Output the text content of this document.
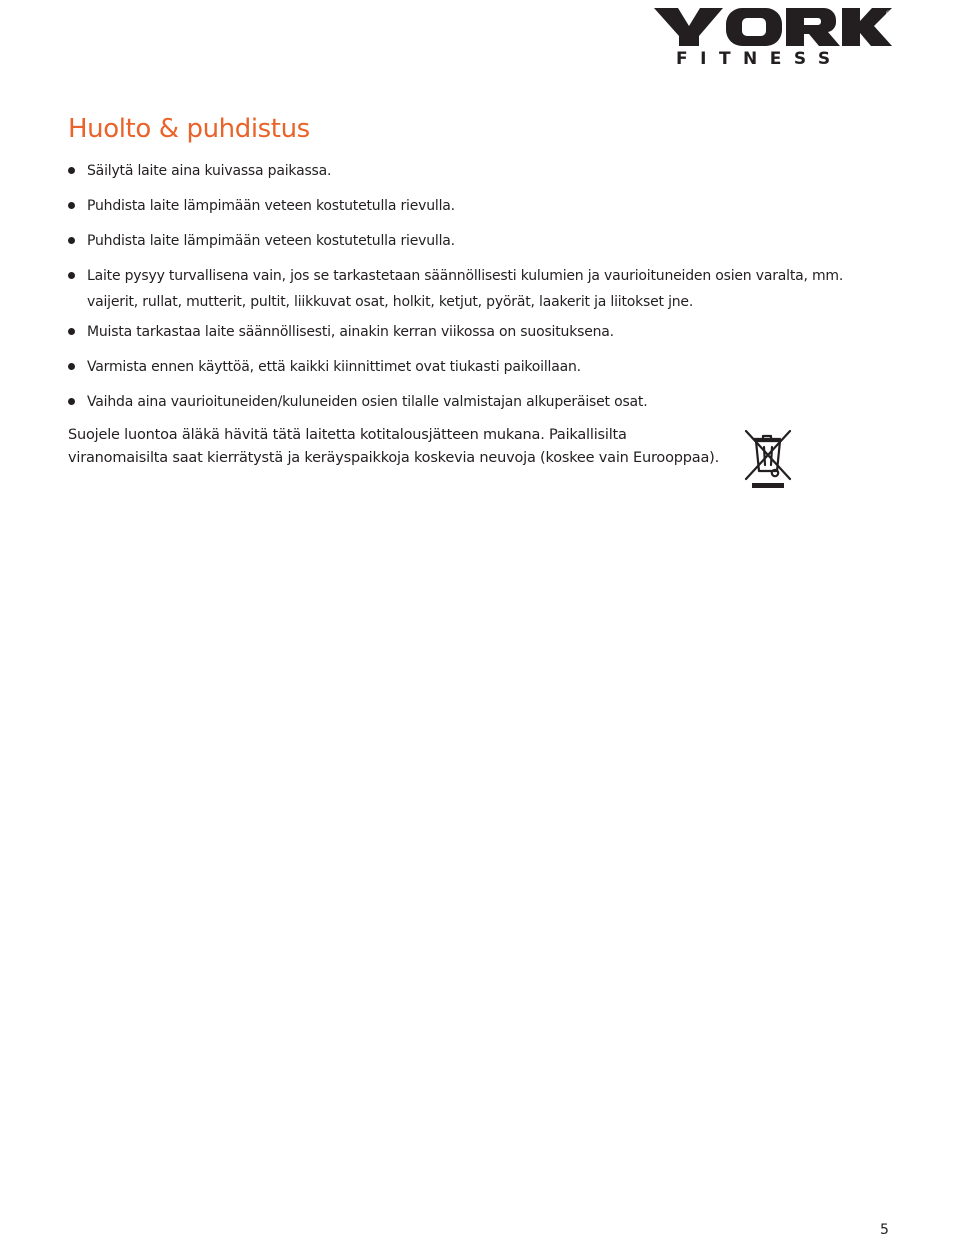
®
FITNESS
Huolto & puhdistus
Säilytä laite aina kuivassa paikassa.
Puhdista laite lämpimään veteen kostutetulla rievulla.
Puhdista laite lämpimään veteen kostutetulla rievulla.
Laite pysyy turvallisena vain, jos se tarkastetaan säännöllisesti kulumien ja vaurioituneiden osien varalta, mm. vaijerit, rullat, mutterit, pultit, liikkuvat osat, holkit, ketjut, pyörät, laakerit ja liitokset jne.
Muista tarkastaa laite säännöllisesti, ainakin kerran viikossa on suosituksena.
Varmista ennen käyttöä, että kaikki kiinnittimet ovat tiukasti paikoillaan.
Vaihda aina vaurioituneiden/kuluneiden osien tilalle valmistajan alkuperäiset osat.

Suojele luontoa äläkä hävitä tätä laitetta kotitalousjätteen mukana. Paikallisilta viranomaisilta saat kierrätystä ja keräyspaikkoja koskevia neuvoja (koskee vain Eurooppaa).

5
